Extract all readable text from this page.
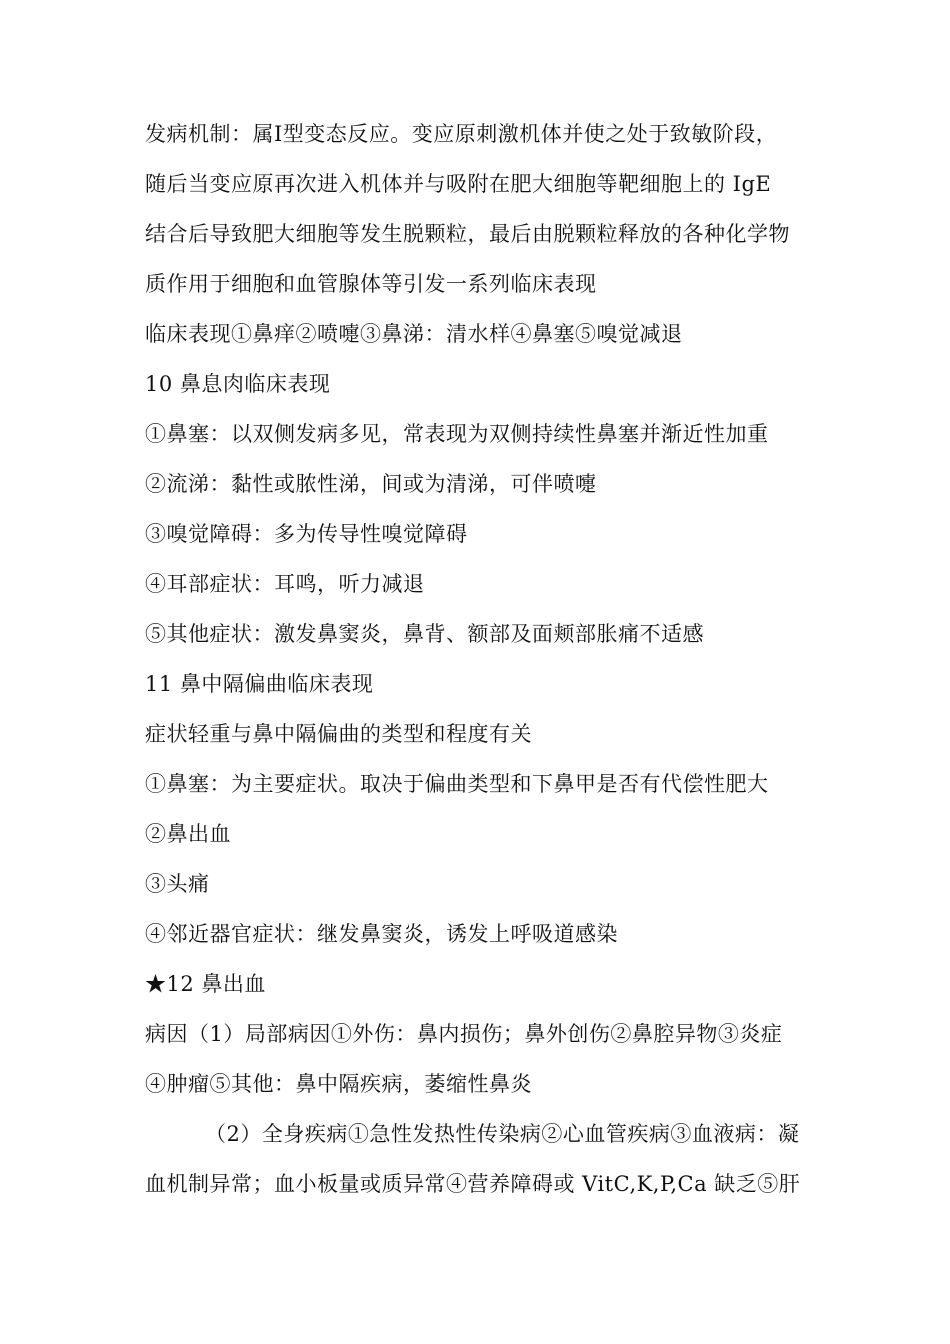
发病机制：属Ⅰ型变态反应。变应原刺激机体并使之处于致敏阶段，
随后当变应原再次进入机体并与吸附在肥大细胞等靶细胞上的 IgE
结合后导致肥大细胞等发生脱颗粒，最后由脱颗粒释放的各种化学物
质作用于细胞和血管腺体等引发一系列临床表现
临床表现①鼻痒②喷嚏③鼻涕：清水样④鼻塞⑤嗅觉减退
10 鼻息肉临床表现
①鼻塞：以双侧发病多见，常表现为双侧持续性鼻塞并渐近性加重
②流涕：黏性或脓性涕，间或为清涕，可伴喷嚏
③嗅觉障碍：多为传导性嗅觉障碍
④耳部症状：耳鸣，听力减退
⑤其他症状：激发鼻窦炎，鼻背、额部及面颊部胀痛不适感
11 鼻中隔偏曲临床表现
症状轻重与鼻中隔偏曲的类型和程度有关
①鼻塞：为主要症状。取决于偏曲类型和下鼻甲是否有代偿性肥大
②鼻出血
③头痛
④邻近器官症状：继发鼻窦炎，诱发上呼吸道感染
★12 鼻出血
病因（1）局部病因①外伤：鼻内损伤；鼻外创伤②鼻腔异物③炎症
④肿瘤⑤其他：鼻中隔疾病，萎缩性鼻炎
（2）全身疾病①急性发热性传染病②心血管疾病③血液病：凝
血机制异常；血小板量或质异常④营养障碍或 VitC,K,P,Ca 缺乏⑤肝
